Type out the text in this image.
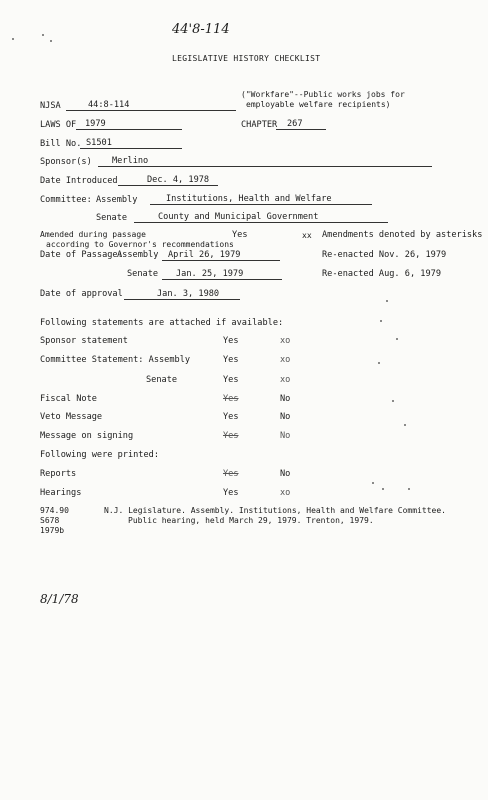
44'8-114
LEGISLATIVE HISTORY CHECKLIST
("Workfare"--Public works jobs for
employable welfare recipients)
NJSA	44:8-114
LAWS OF 1979	CHAPTER 267
Bill No. S1501
Sponsor(s) Merlino
Date Introduced	Dec. 4, 1978
Committee: Assembly	Institutions, Health and Welfare
Senate	County and Municipal Government
Amended during passage
according to Governor's recommendations
Yes	xx Amendments denoted by asterisks
Date of Passage:
Assembly April 26, 1979	Re-enacted Nov. 26, 1979
Senate Jan. 25, 1979	Re-enacted Aug. 6, 1979
Date of approval	Jan. 3, 1980
Following statements are attached if available:
Sponsor statement	Yes	xo
Committee Statement: Assembly	Yes	xo
Senate	Yes	xo
Fiscal Note	Yes	No
Veto Message	Yes	No
Message on signing	Yes	No
Following were printed:
Reports	Yes	No
Hearings	Yes	xo
974.90
S678
1979b
N.J. Legislature. Assembly. Institutions, Health and Welfare Committee.
Public hearing, held March 29, 1979. Trenton, 1979.
8/1/78
